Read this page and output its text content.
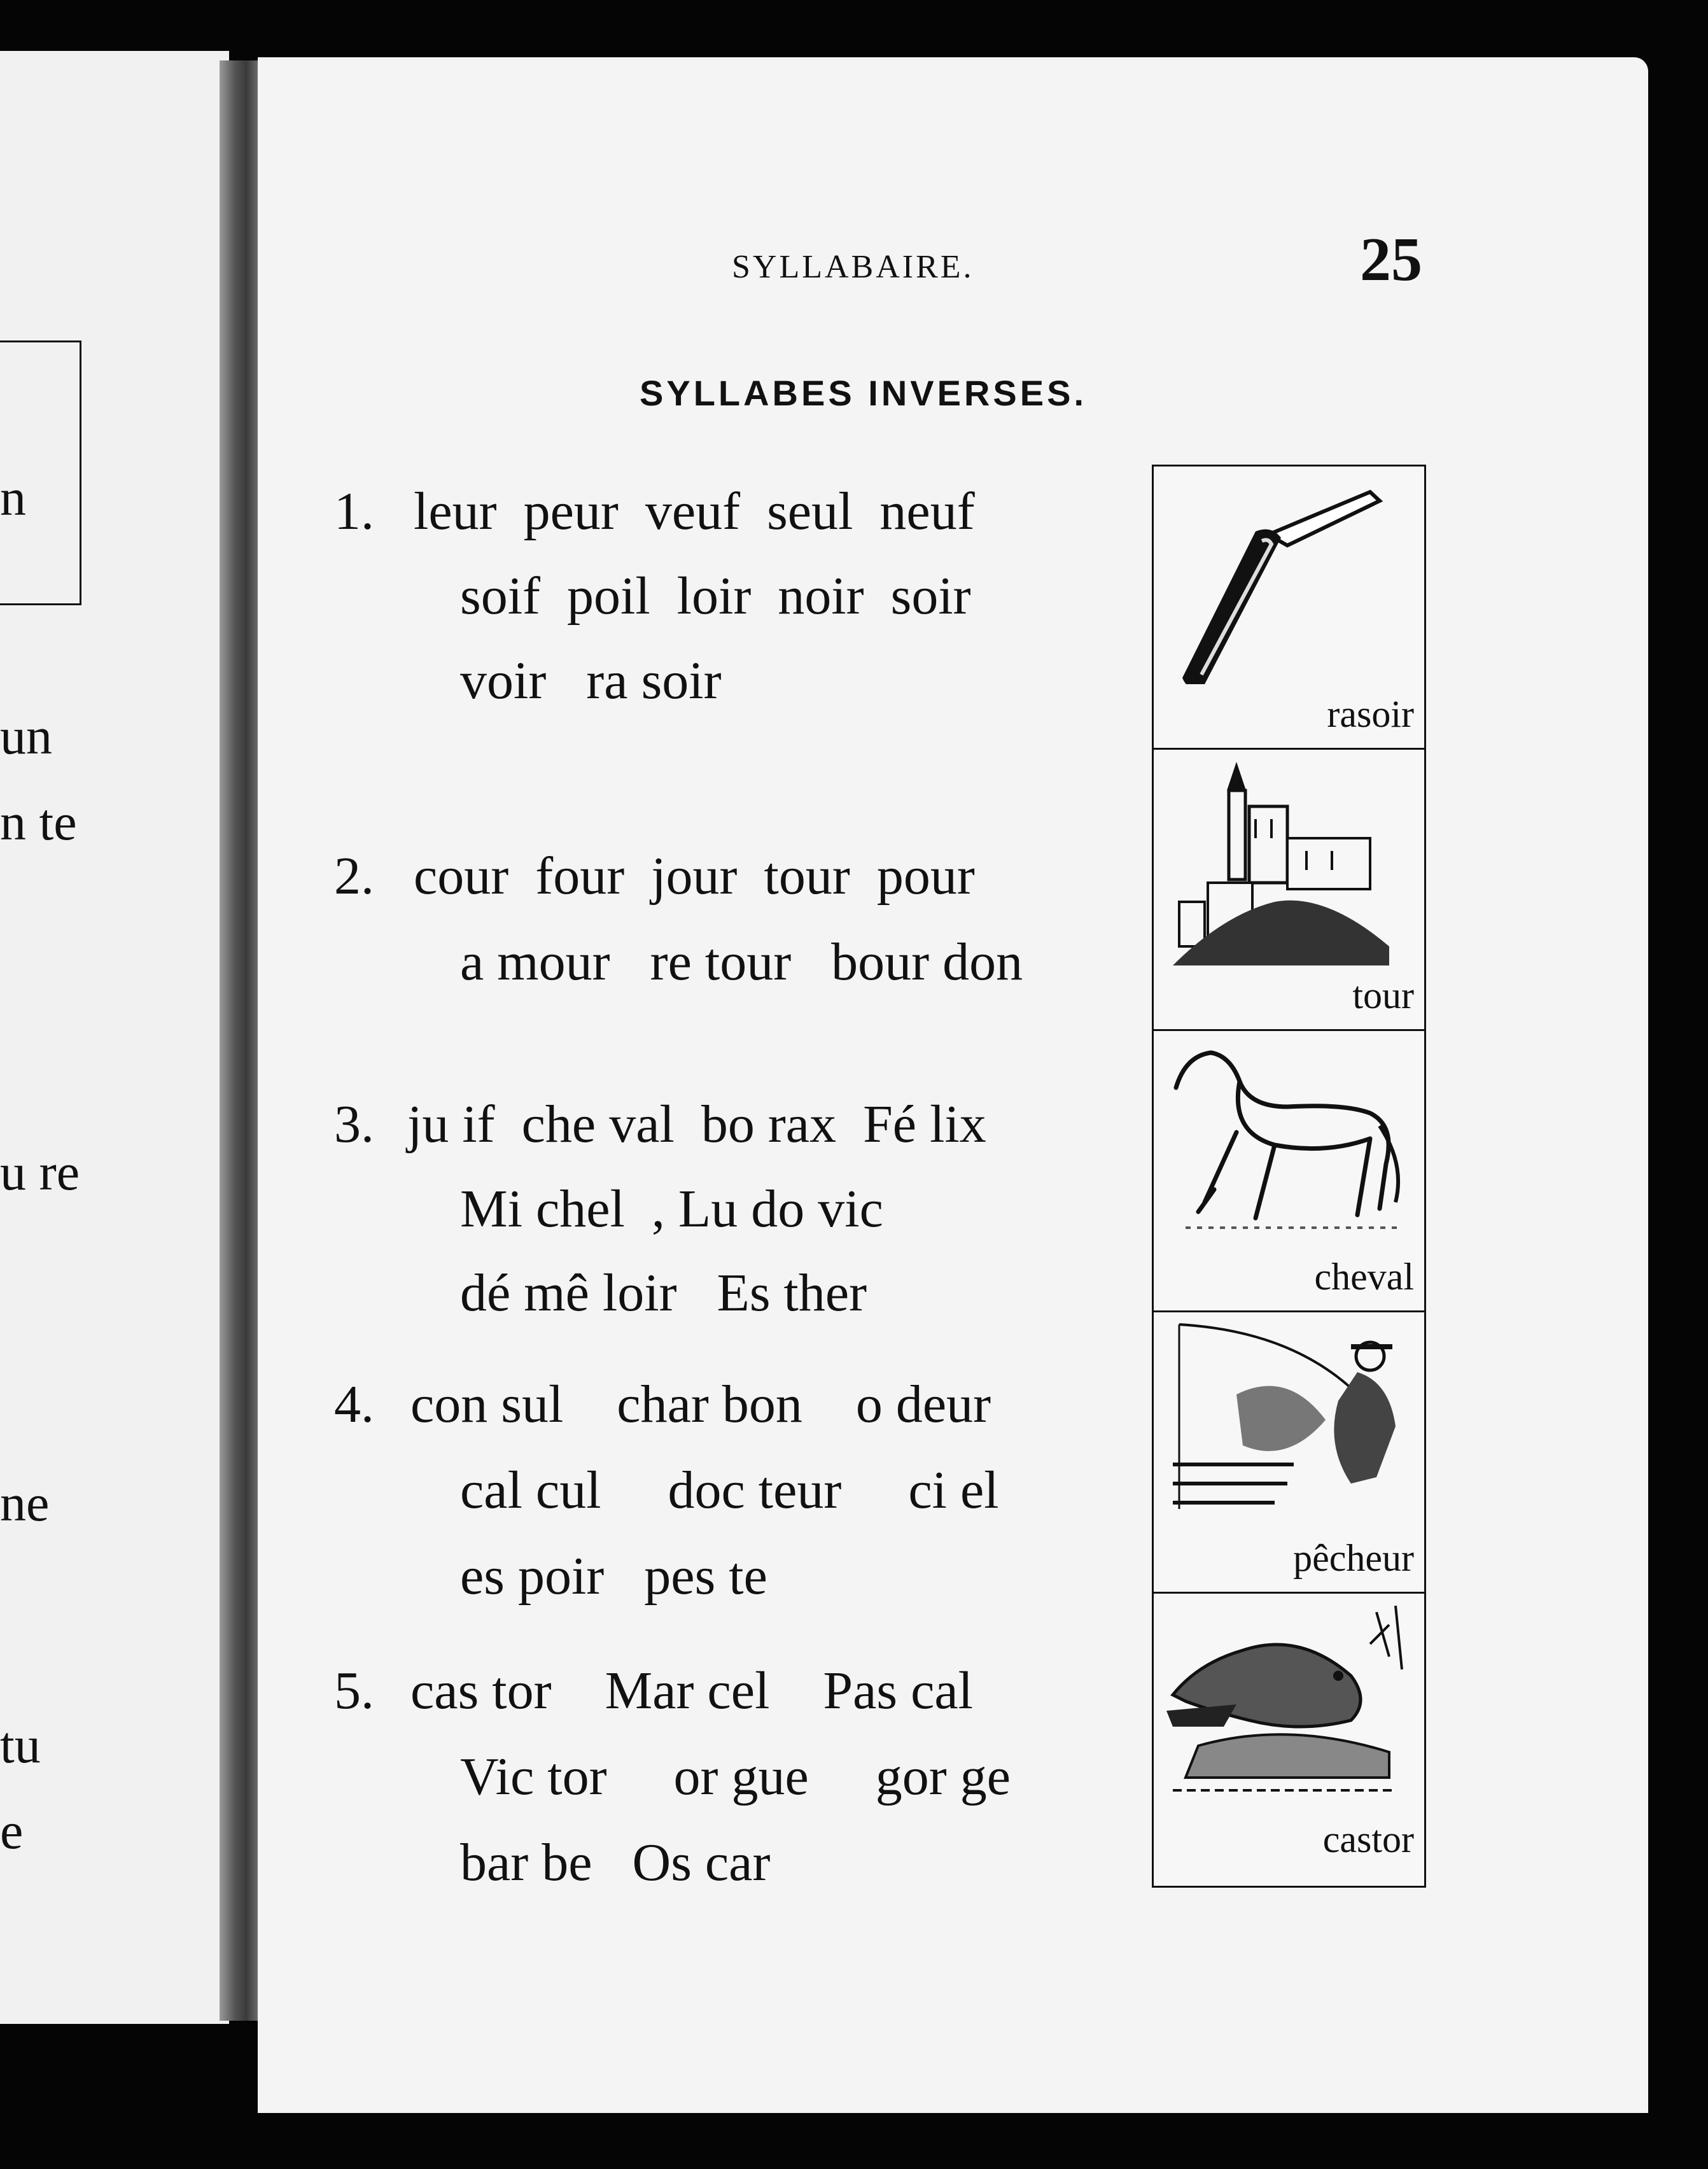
n
un
n te
u re
ne
tu
e
SYLLABAIRE.	25
SYLLABES INVERSES.
1. leur  peur  veuf  seul  neuf
soif  poil  loir  noir  soir
voir   ra soir
2. cour  four  jour  tour  pour
a mour   re tour   bour don
3. ju if  che val  bo rax  Fé lix
Mi chel  , Lu do vic
dé mê loir   Es ther
4. con sul    char bon    o deur
cal cul     doc teur     ci el
es poir   pes te
5. cas tor    Mar cel    Pas cal
Vic tor     or gue     gor ge
bar be   Os car
rasoir
tour
cheval
pêcheur
castor
